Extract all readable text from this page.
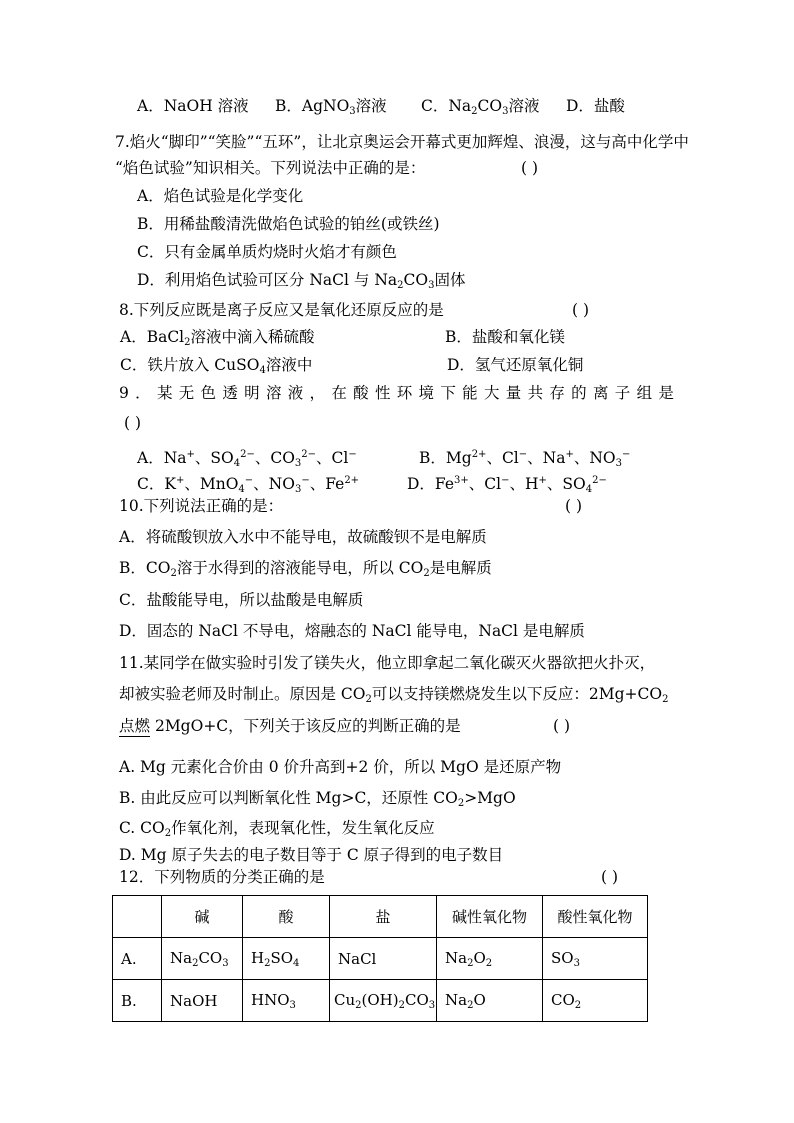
A．NaOH 溶液 B．AgNO$_3$溶液 C．$Na_2CO_3$溶液 D．盐酸
7.焰火“脚印”“笑脸”“五环”，让北京奥运会开幕式更加辉煌、浪漫，这与高中化学中
“焰色试验”知识相关。下列说法中正确的是：	( )
A．焰色试验是化学变化
B．用稀盐酸清洗做焰色试验的铂丝(或铁丝)
C．只有金属单质灼烧时火焰才有颜色
D．利用焰色试验可区分 NaCl 与 $Na_2CO_3$固体
8.下列反应既是离子反应又是氧化还原反应的是	( )
A．BaCl$_2$溶液中滴入稀硫酸	B．盐酸和氧化镁
C．铁片放入 CuSO$_4$溶液中	D．氢气还原氧化铜
9．某无色透明溶液，在酸性环境下能大量共存的离子组是
( )
A．Na+、$SO_4^{2-}$、$CO_3^{2-}$、Cl−	B．$Mg^{2+}$、Cl−、Na+、$NO_3^-$
C．K+、MnO$_4$−、$NO_3^-$、$Fe^{2+}$	D．$Fe^{3+}$、Cl−、H+、$SO_4^{2-}$
10.下列说法正确的是：	( )
A．将硫酸钡放入水中不能导电，故硫酸钡不是电解质
B．$CO_2$溶于水得到的溶液能导电，所以 $CO_2$是电解质
C．盐酸能导电，所以盐酸是电解质
D．固态的 NaCl 不导电，熔融态的 NaCl 能导电，NaCl 是电解质
11.某同学在做实验时引发了镁失火，他立即拿起二氧化碳灭火器欲把火扑灭，
却被实验老师及时制止。原因是 $CO_2$可以支持镁燃烧发生以下反应：$2Mg+CO_2$
点燃 2MgO+C，下列关于该反应的判断正确的是	( )
A. Mg 元素化合价由 0 价升高到+2 价，所以 MgO 是还原产物
B. 由此反应可以判断氧化性 Mg>C，还原性 $CO_2>MgO$
C. $CO_2$作氧化剂，表现氧化性，发生氧化反应
D. Mg 原子失去的电子数目等于 C 原子得到的电子数目
12．下列物质的分类正确的是	( )
	碱	酸	盐	碱性氧化物	酸性氧化物
A.	$Na_2CO_3$	$H_2SO_4$	NaCl	$Na_2O_2$	$SO_3$
B.	NaOH	$HNO_3$	$Cu_2(OH)_2CO_3$	$Na_2O$	$CO_2$
